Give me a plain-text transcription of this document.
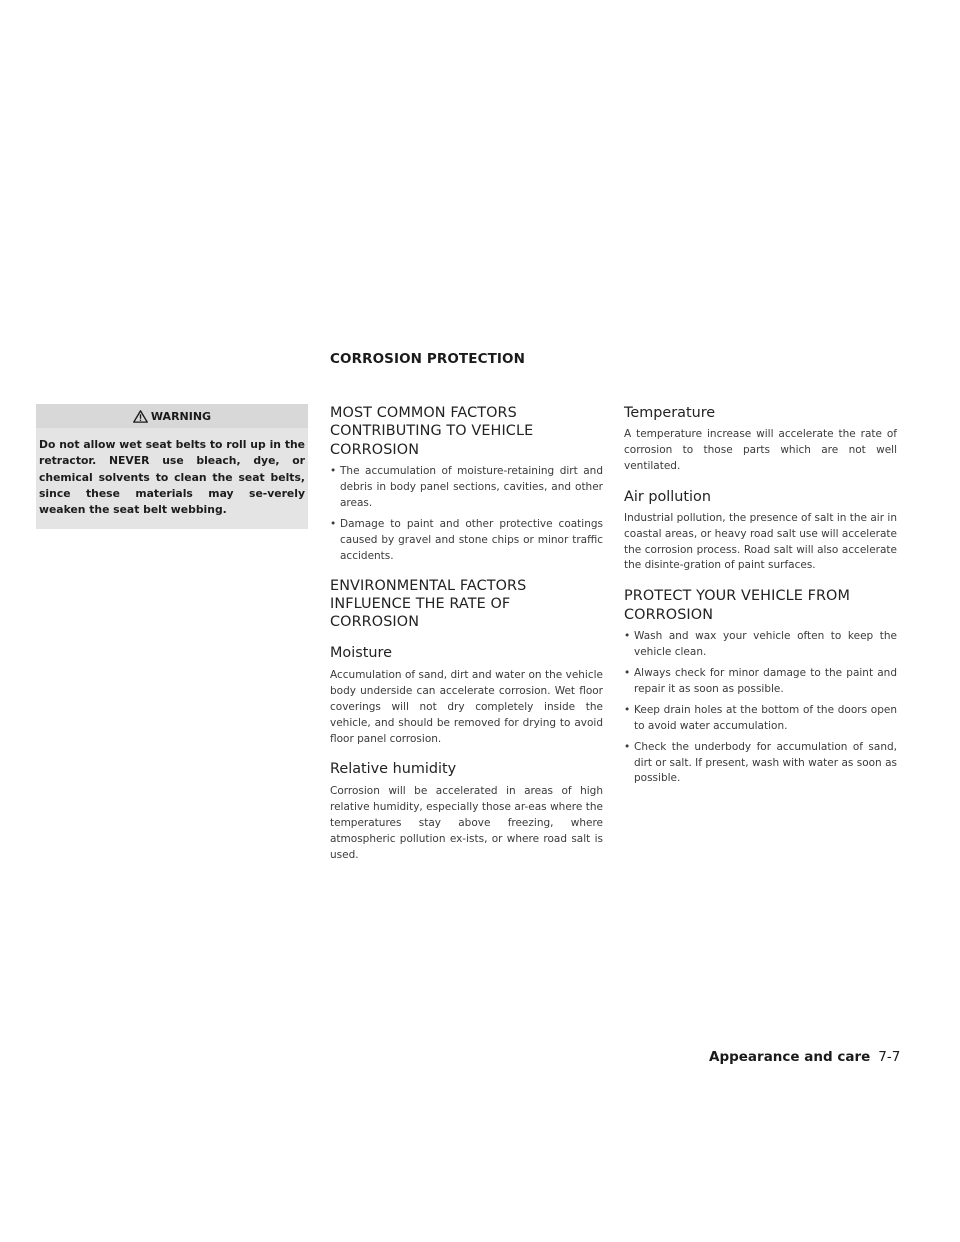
CORROSION PROTECTION
WARNING
Do not allow wet seat belts to roll up in the retractor. NEVER use bleach, dye, or chemical solvents to clean the seat belts, since these materials may se-verely weaken the seat belt webbing.
MOST COMMON FACTORS CONTRIBUTING TO VEHICLE CORROSION
• The accumulation of moisture-retaining dirt and debris in body panel sections, cavities, and other areas.
• Damage to paint and other protective coatings caused by gravel and stone chips or minor traffic accidents.
ENVIRONMENTAL FACTORS INFLUENCE THE RATE OF CORROSION
Moisture

Accumulation of sand, dirt and water on the vehicle body underside can accelerate corrosion. Wet floor coverings will not dry completely inside the vehicle, and should be removed for drying to avoid floor panel corrosion.

Relative humidity

Corrosion will be accelerated in areas of high relative humidity, especially those ar-eas where the temperatures stay above freezing, where atmospheric pollution ex-ists, or where road salt is used.

Temperature

A temperature increase will accelerate the rate of corrosion to those parts which are not well ventilated.

Air pollution

Industrial pollution, the presence of salt in the air in coastal areas, or heavy road salt use will accelerate the corrosion process. Road salt will also accelerate the disinte-gration of paint surfaces.

PROTECT YOUR VEHICLE FROM CORROSION
• Wash and wax your vehicle often to keep the vehicle clean.
• Always check for minor damage to the paint and repair it as soon as possible.
• Keep drain holes at the bottom of the doors open to avoid water accumulation.
• Check the underbody for accumulation of sand, dirt or salt. If present, wash with water as soon as possible.
Appearance and care 7-7
